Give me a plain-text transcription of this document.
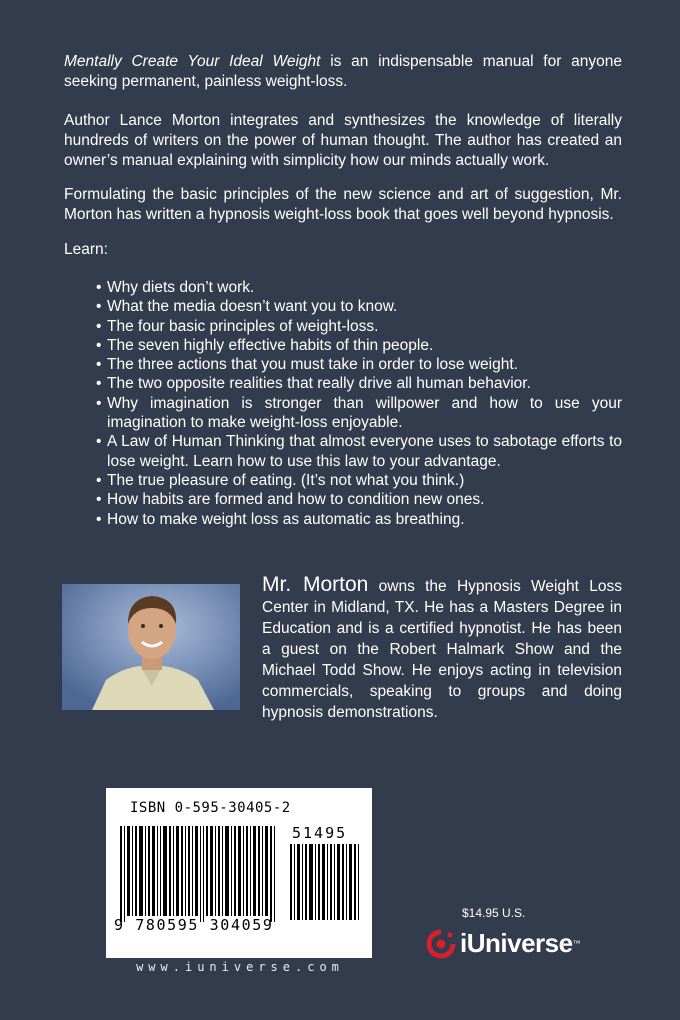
Mentally Create Your Ideal Weight is an indispensable manual for anyone seeking permanent, painless weight-loss.

Author Lance Morton integrates and synthesizes the knowledge of literally hundreds of writers on the power of human thought. The author has created an owner’s manual explaining with simplicity how our minds actually work.

Formulating the basic principles of the new science and art of suggestion, Mr. Morton has written a hypnosis weight-loss book that goes well beyond hypnosis.

Learn:

• Why diets don’t work.
• What the media doesn’t want you to know.
• The four basic principles of weight-loss.
• The seven highly effective habits of thin people.
• The three actions that you must take in order to lose weight.
• The two opposite realities that really drive all human behavior.
• Why imagination is stronger than willpower and how to use your imagination to make weight-loss enjoyable.
• A Law of Human Thinking that almost everyone uses to sabotage efforts to lose weight. Learn how to use this law to your advantage.
• The true pleasure of eating. (It’s not what you think.)
• How habits are formed and how to condition new ones.
• How to make weight loss as automatic as breathing.

Mr. Morton owns the Hypnosis Weight Loss Center in Midland, TX. He has a Masters Degree in Education and is a certified hypnotist. He has been a guest on the Robert Halmark Show and the Michael Todd Show. He enjoys acting in television commercials, speaking to groups and doing hypnosis demonstrations.

ISBN 0-595-30405-2
51495
9 780595 304059
www.iuniverse.com
$14.95 U.S.
iUniverse ™
